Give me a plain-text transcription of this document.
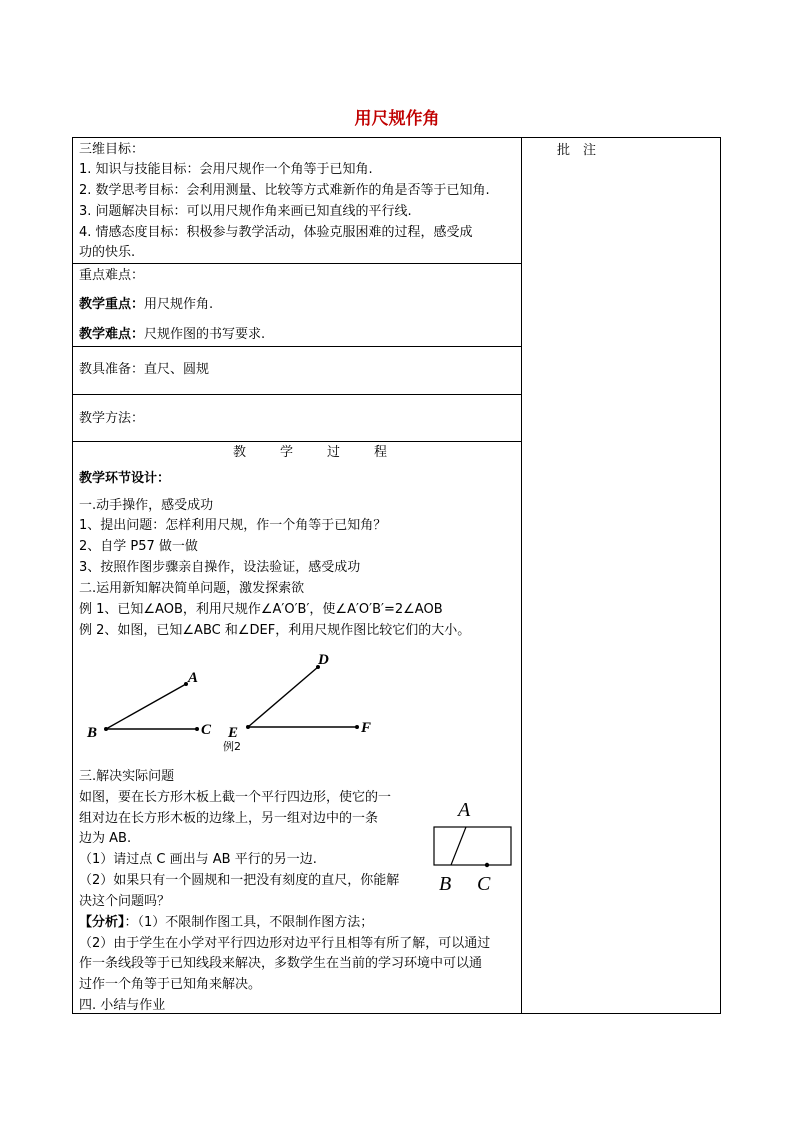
用尺规作角
批　注
三维目标：
1. 知识与技能目标：会用尺规作一个角等于已知角.
2. 数学思考目标：会利用测量、比较等方式难新作的角是否等于已知角.
3. 问题解决目标：可以用尺规作角来画已知直线的平行线.
4. 情感态度目标：积极参与教学活动，体验克服困难的过程，感受成
功的快乐.
重点难点：
教学重点：用尺规作角.
教学难点：尺规作图的书写要求.
教具准备：直尺、圆规
教学方法：
教学过程
教学环节设计：
一.动手操作，感受成功
1、提出问题：怎样利用尺规，作一个角等于已知角？
2、自学 P57 做一做
3、按照作图步骤亲自操作，设法验证，感受成功
二.运用新知解决简单问题，激发探索欲
例 1、已知∠AOB，利用尺规作∠A′O′B′，使∠A′O′B′=2∠AOB
例 2、如图，已知∠ABC 和∠DEF，利用尺规作图比较它们的大小。
A
B	C
D
E	F
例2
三.解决实际问题
如图，要在长方形木板上截一个平行四边形，使它的一
组对边在长方形木板的边缘上，另一组对边中的一条
边为 AB.
（1）请过点 C 画出与 AB 平行的另一边.
（2）如果只有一个圆规和一把没有刻度的直尺，你能解
决这个问题吗？
A
B C
【分析】：（1）不限制作图工具，不限制作图方法；
（2）由于学生在小学对平行四边形对边平行且相等有所了解，可以通过
作一条线段等于已知线段来解决，多数学生在当前的学习环境中可以通
过作一个角等于已知角来解决。
四. 小结与作业
